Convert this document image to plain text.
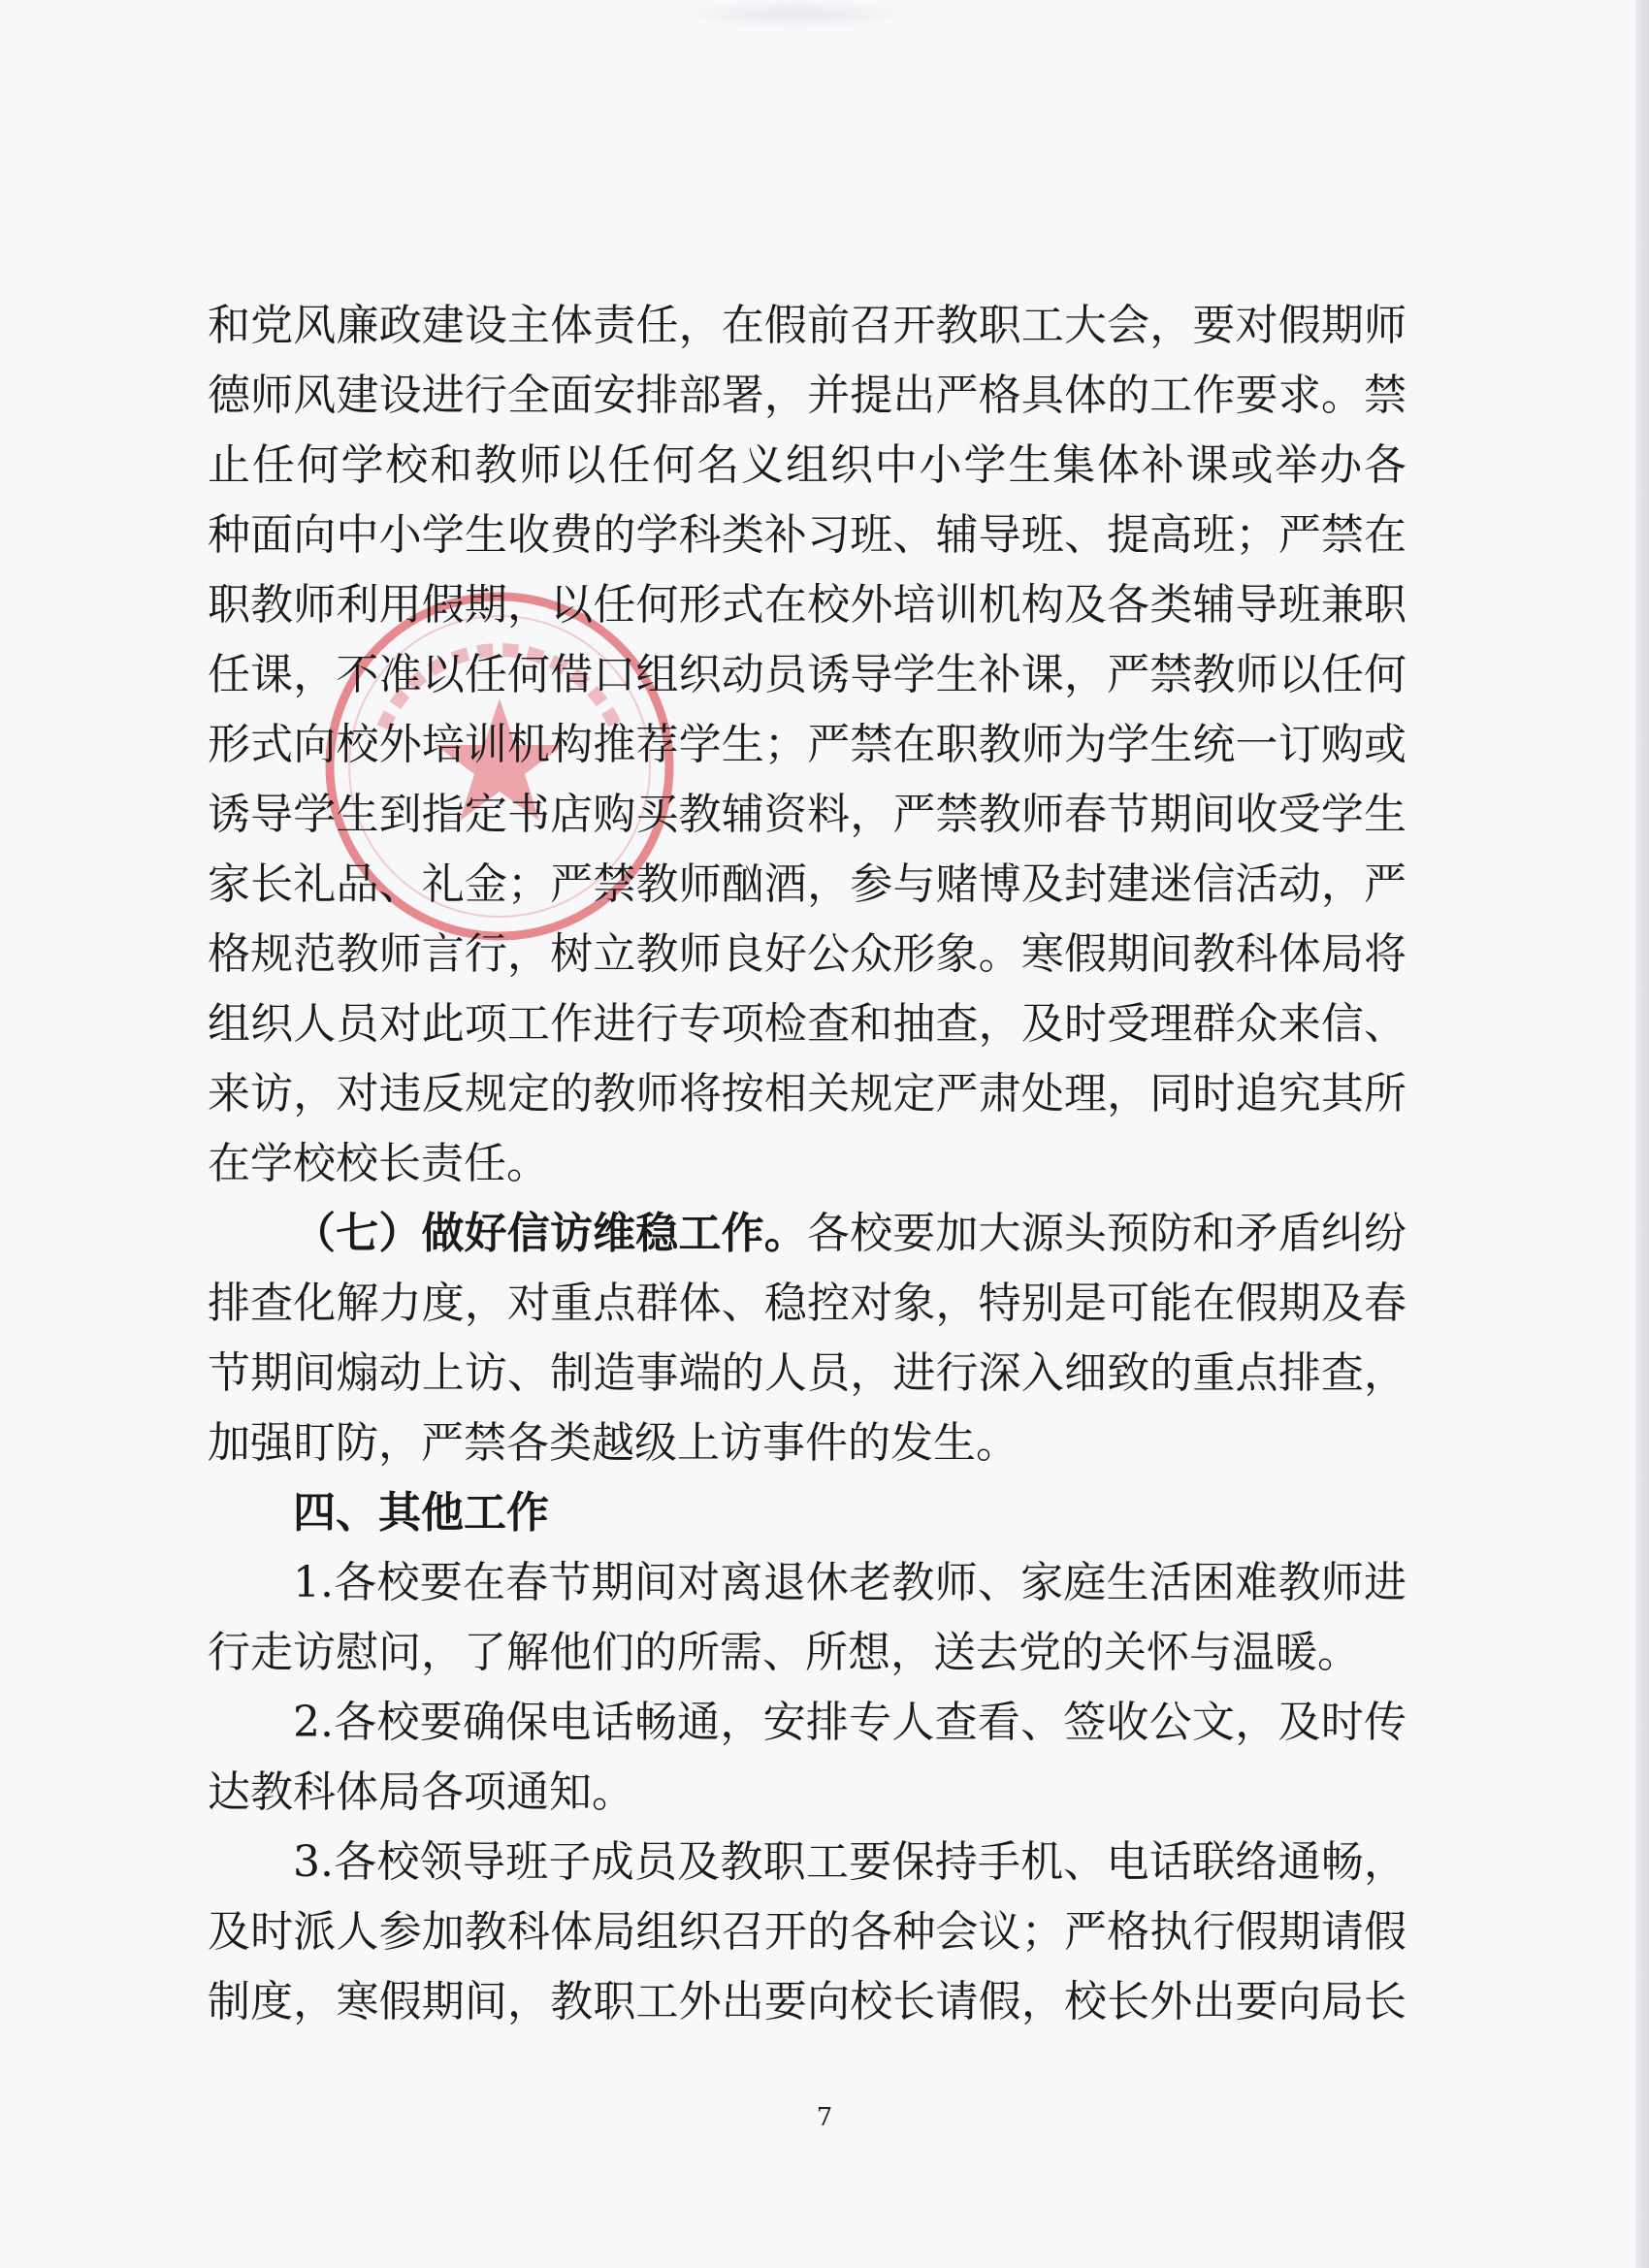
和党风廉政建设主体责任，在假前召开教职工大会，要对假期师
德师风建设进行全面安排部署，并提出严格具体的工作要求。禁
止任何学校和教师以任何名义组织中小学生集体补课或举办各
种面向中小学生收费的学科类补习班、辅导班、提高班；严禁在
职教师利用假期，以任何形式在校外培训机构及各类辅导班兼职
任课，不准以任何借口组织动员诱导学生补课，严禁教师以任何
形式向校外培训机构推荐学生；严禁在职教师为学生统一订购或
诱导学生到指定书店购买教辅资料，严禁教师春节期间收受学生
家长礼品、礼金；严禁教师酗酒，参与赌博及封建迷信活动，严
格规范教师言行，树立教师良好公众形象。寒假期间教科体局将
组织人员对此项工作进行专项检查和抽查，及时受理群众来信、
来访，对违反规定的教师将按相关规定严肃处理，同时追究其所
在学校校长责任。
（七）做好信访维稳工作。各校要加大源头预防和矛盾纠纷
排查化解力度，对重点群体、稳控对象，特别是可能在假期及春
节期间煽动上访、制造事端的人员，进行深入细致的重点排查，
加强盯防，严禁各类越级上访事件的发生。
四、其他工作
1.各校要在春节期间对离退休老教师、家庭生活困难教师进
行走访慰问，了解他们的所需、所想，送去党的关怀与温暖。
2.各校要确保电话畅通，安排专人查看、签收公文，及时传
达教科体局各项通知。
3.各校领导班子成员及教职工要保持手机、电话联络通畅，
及时派人参加教科体局组织召开的各种会议；严格执行假期请假
制度，寒假期间，教职工外出要向校长请假，校长外出要向局长
7
